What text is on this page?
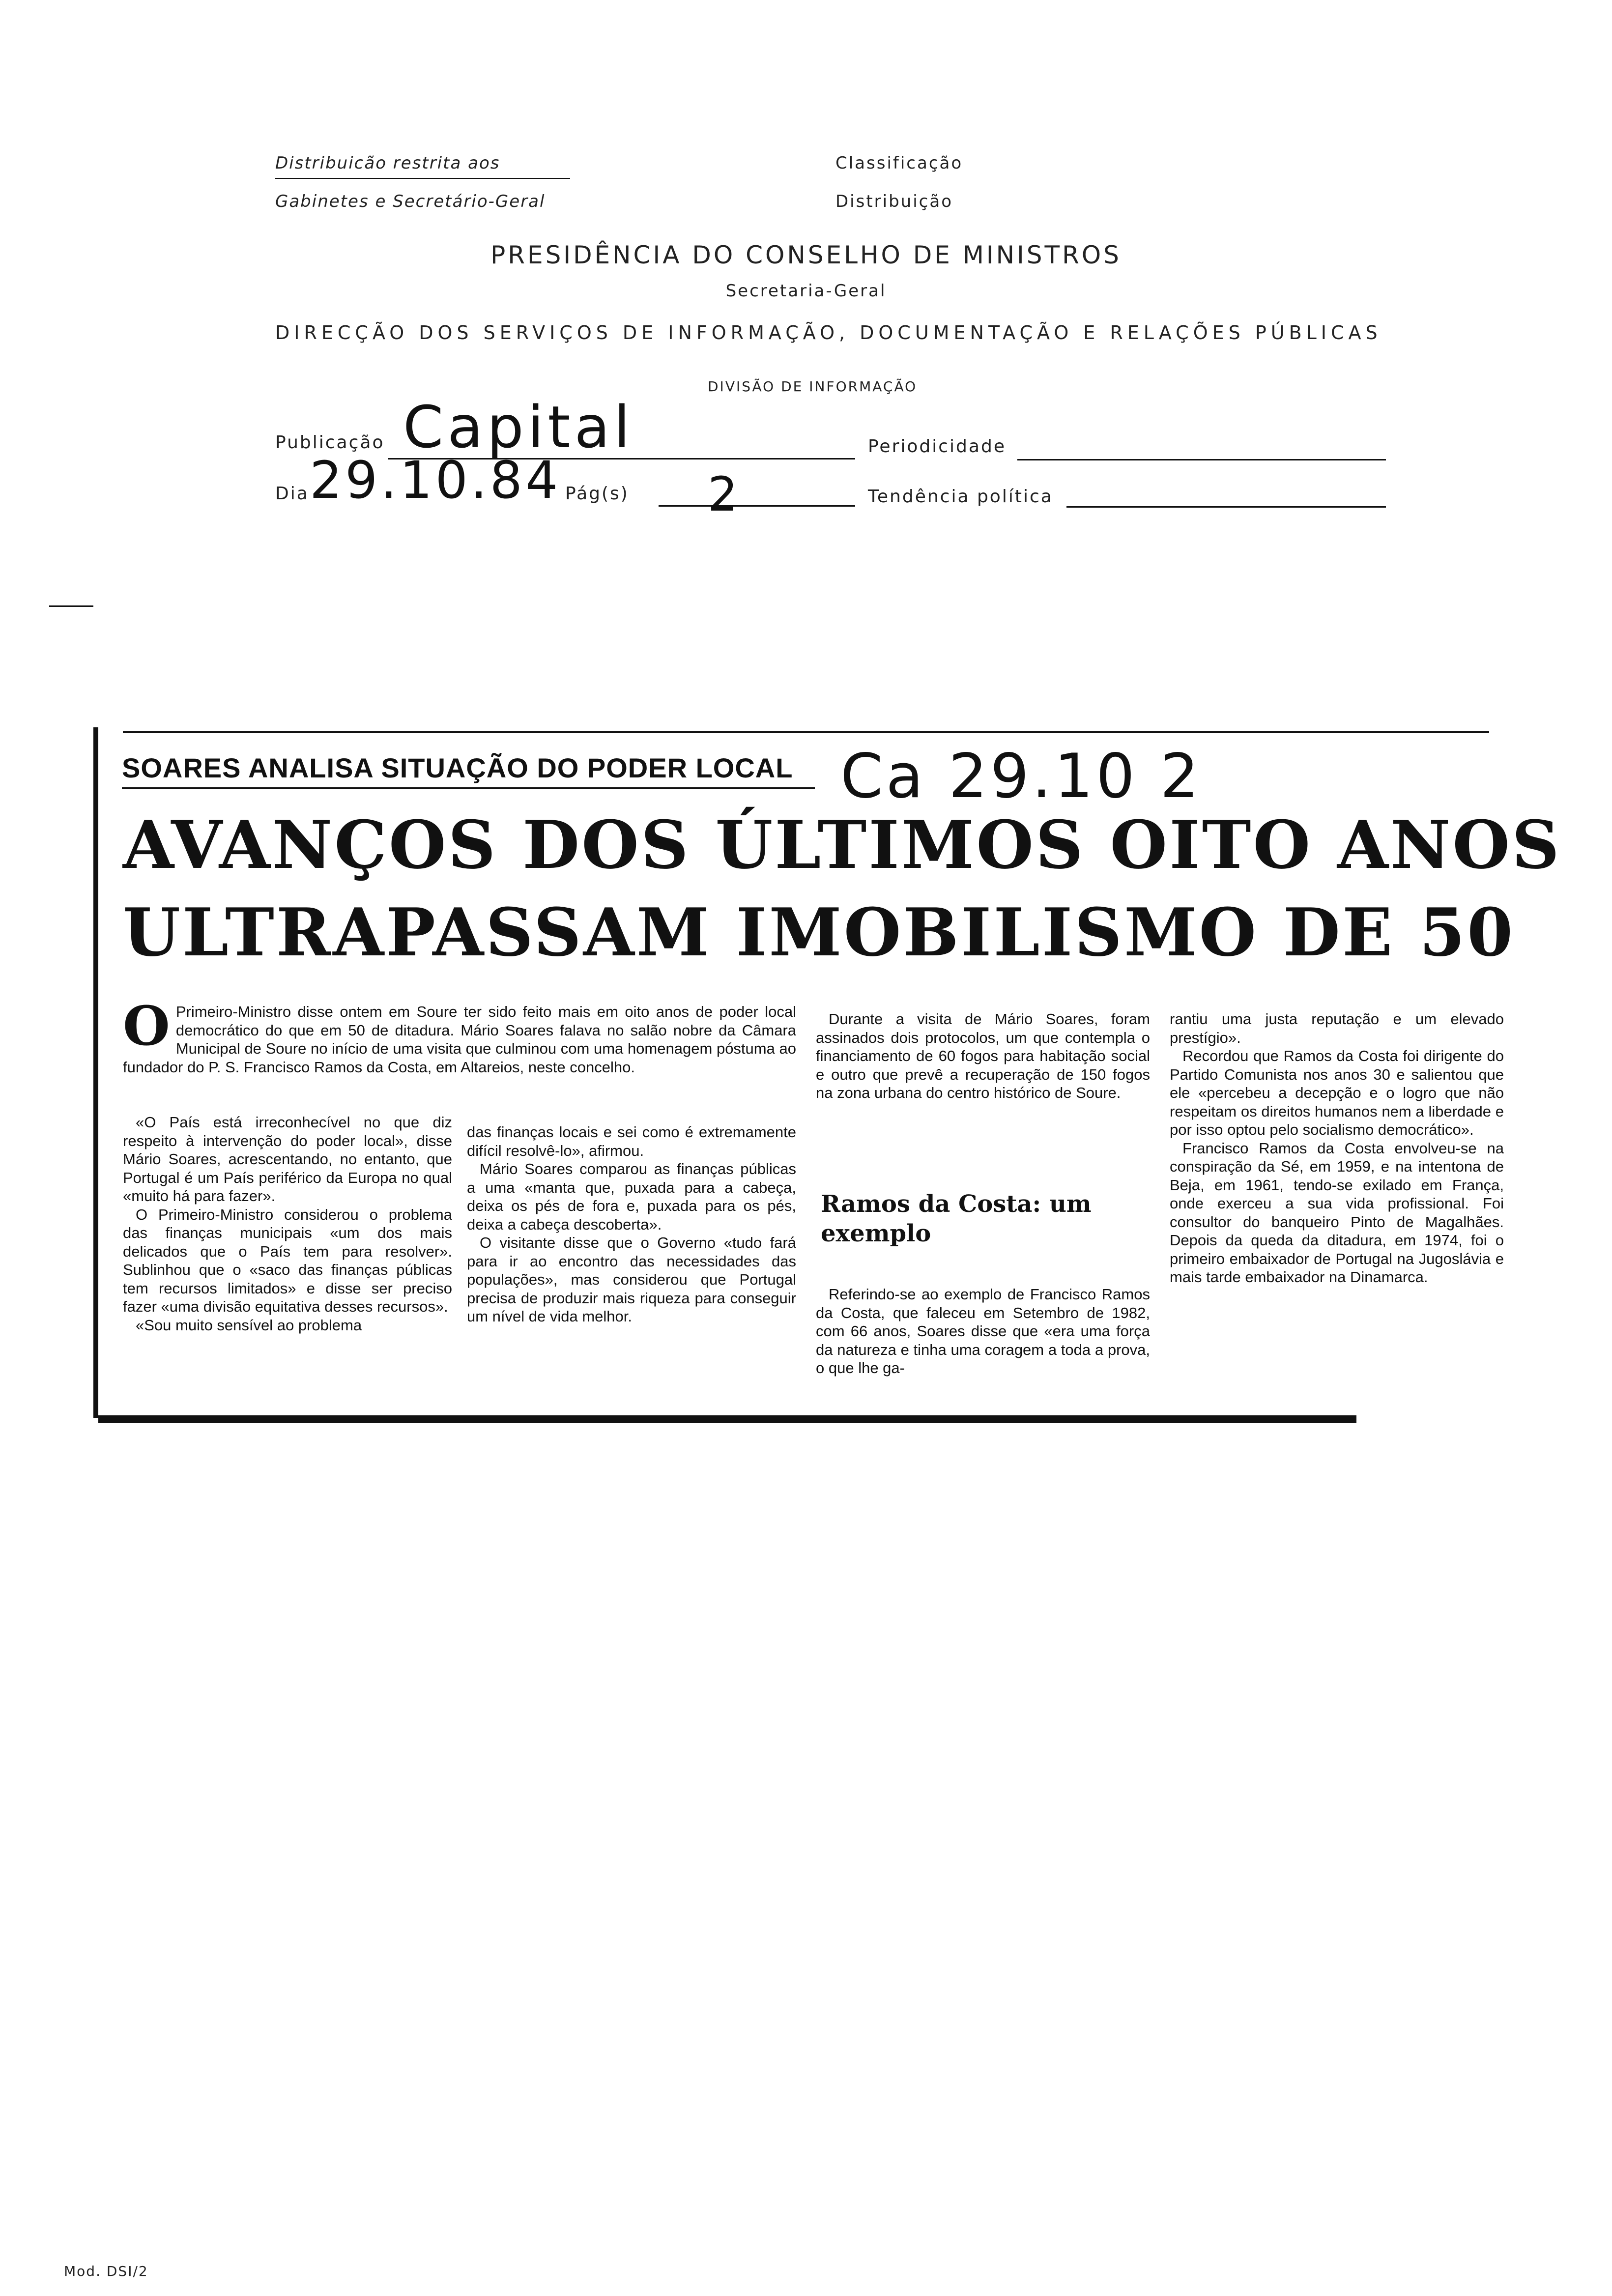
Distribuicão restrita aos
Gabinetes e Secretário-Geral
Classificação
Distribuição
PRESIDÊNCIA DO CONSELHO DE MINISTROS
Secretaria-Geral
DIRECÇÃO DOS SERVIÇOS DE INFORMAÇÃO, DOCUMENTAÇÃO E RELAÇÕES PÚBLICAS
DIVISÃO DE INFORMAÇÃO
Publicação Capital	Periodicidade
Dia 29.10.84 Pág(s) 2	Tendência política
SOARES ANALISA SITUAÇÃO DO PODER LOCAL Ca 29.10 2
AVANÇOS DOS ÚLTIMOS OITO ANOS
ULTRAPASSAM IMOBILISMO DE 50
O Primeiro-Ministro disse ontem em Soure ter sido feito mais em oito anos de poder local democrático do que em 50 de ditadura. Mário Soares falava no salão nobre da Câmara Municipal de Soure no início de uma visita que culminou com uma homenagem póstuma ao fundador do P. S. Francisco Ramos da Costa, em Altareios, neste concelho.

«O País está irreconhecível no que diz respeito à intervenção do poder local», disse Mário Soares, acrescentando, no entanto, que Portugal é um País periférico da Europa no qual «muito há para fazer».

O Primeiro-Ministro considerou o problema das finanças municipais «um dos mais delicados que o País tem para resolver». Sublinhou que o «saco das finanças públicas tem recursos limitados» e disse ser preciso fazer «uma divisão equitativa desses recursos».

«Sou muito sensível ao problema

das finanças locais e sei como é extremamente difícil resolvê-lo», afirmou.

Mário Soares comparou as finanças públicas a uma «manta que, puxada para a cabeça, deixa os pés de fora e, puxada para os pés, deixa a cabeça descoberta».

O visitante disse que o Governo «tudo fará para ir ao encontro das necessidades das populações», mas considerou que Portugal precisa de produzir mais riqueza para conseguir um nível de vida melhor.

Durante a visita de Mário Soares, foram assinados dois protocolos, um que contempla o financiamento de 60 fogos para habitação social e outro que prevê a recuperação de 150 fogos na zona urbana do centro histórico de Soure.

Ramos da Costa: um exemplo

Referindo-se ao exemplo de Francisco Ramos da Costa, que faleceu em Setembro de 1982, com 66 anos, Soares disse que «era uma força da natureza e tinha uma coragem a toda a prova, o que lhe ga-

rantiu uma justa reputação e um elevado prestígio».

Recordou que Ramos da Costa foi dirigente do Partido Comunista nos anos 30 e salientou que ele «percebeu a decepção e o logro que não respeitam os direitos humanos nem a liberdade e por isso optou pelo socialismo democrático».

Francisco Ramos da Costa envolveu-se na conspiração da Sé, em 1959, e na intentona de Beja, em 1961, tendo-se exilado em França, onde exerceu a sua vida profissional. Foi consultor do banqueiro Pinto de Magalhães. Depois da queda da ditadura, em 1974, foi o primeiro embaixador de Portugal na Jugoslávia e mais tarde embaixador na Dinamarca.

Mod. DSI/2
